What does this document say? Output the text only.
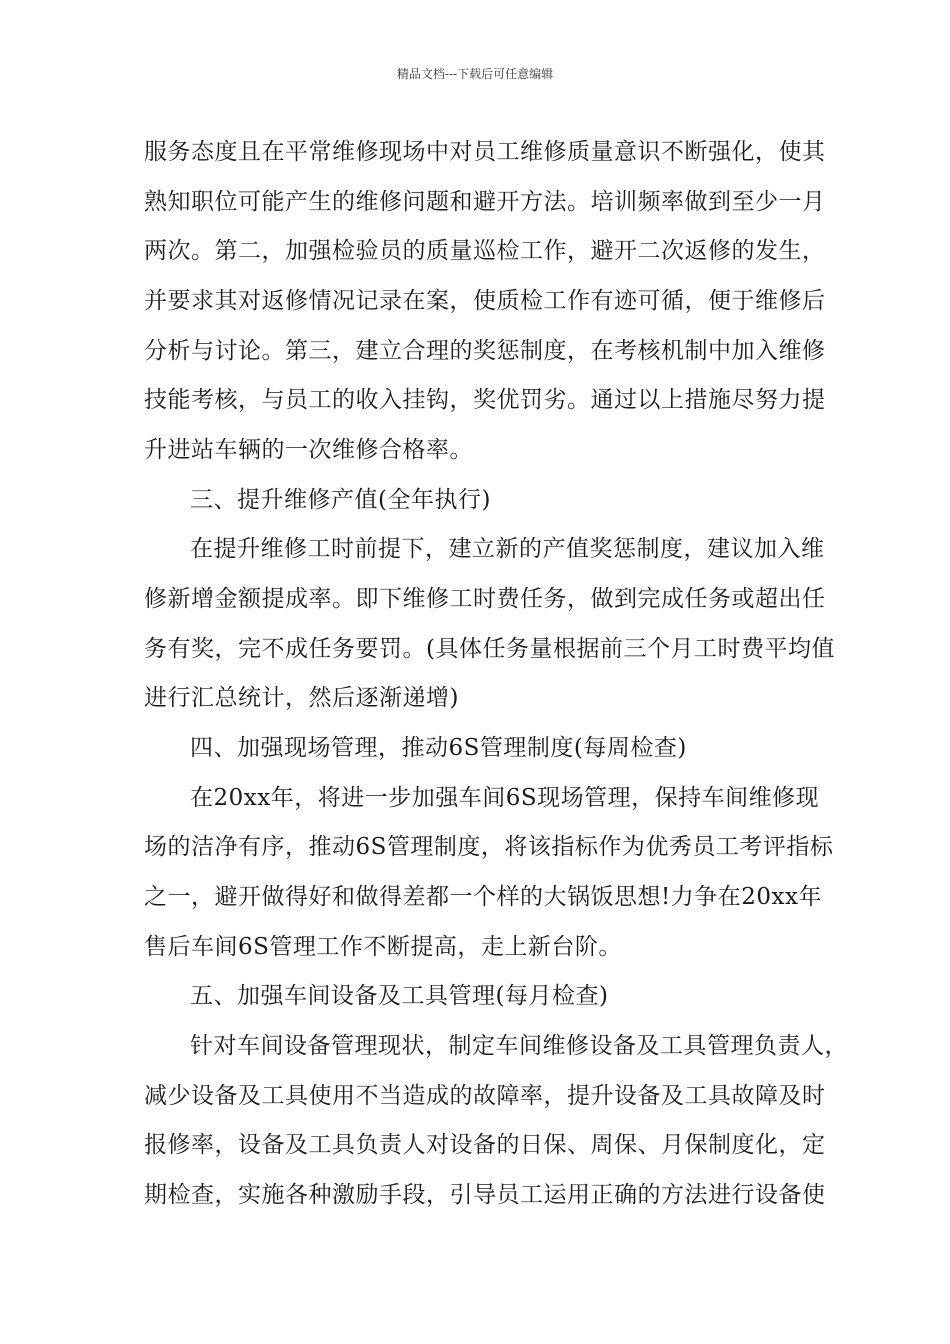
精品文档---下载后可任意编辑
服务态度且在平常维修现场中对员工维修质量意识不断强化，使其
熟知职位可能产生的维修问题和避开方法。培训频率做到至少一月
两次。第二，加强检验员的质量巡检工作，避开二次返修的发生，
并要求其对返修情况记录在案，使质检工作有迹可循，便于维修后
分析与讨论。第三，建立合理的奖惩制度，在考核机制中加入维修
技能考核，与员工的收入挂钩，奖优罚劣。通过以上措施尽努力提
升进站车辆的一次维修合格率。
三、提升维修产值(全年执行)
在提升维修工时前提下，建立新的产值奖惩制度，建议加入维
修新增金额提成率。即下维修工时费任务，做到完成任务或超出任
务有奖，完不成任务要罚。(具体任务量根据前三个月工时费平均值
进行汇总统计，然后逐渐递增)
四、加强现场管理，推动6S管理制度(每周检查)
在20xx年，将进一步加强车间6S现场管理，保持车间维修现
场的洁净有序，推动6S管理制度，将该指标作为优秀员工考评指标
之一，避开做得好和做得差都一个样的大锅饭思想!力争在20xx年
售后车间6S管理工作不断提高，走上新台阶。
五、加强车间设备及工具管理(每月检查)
针对车间设备管理现状，制定车间维修设备及工具管理负责人，
减少设备及工具使用不当造成的故障率，提升设备及工具故障及时
报修率，设备及工具负责人对设备的日保、周保、月保制度化，定
期检查，实施各种激励手段，引导员工运用正确的方法进行设备使
